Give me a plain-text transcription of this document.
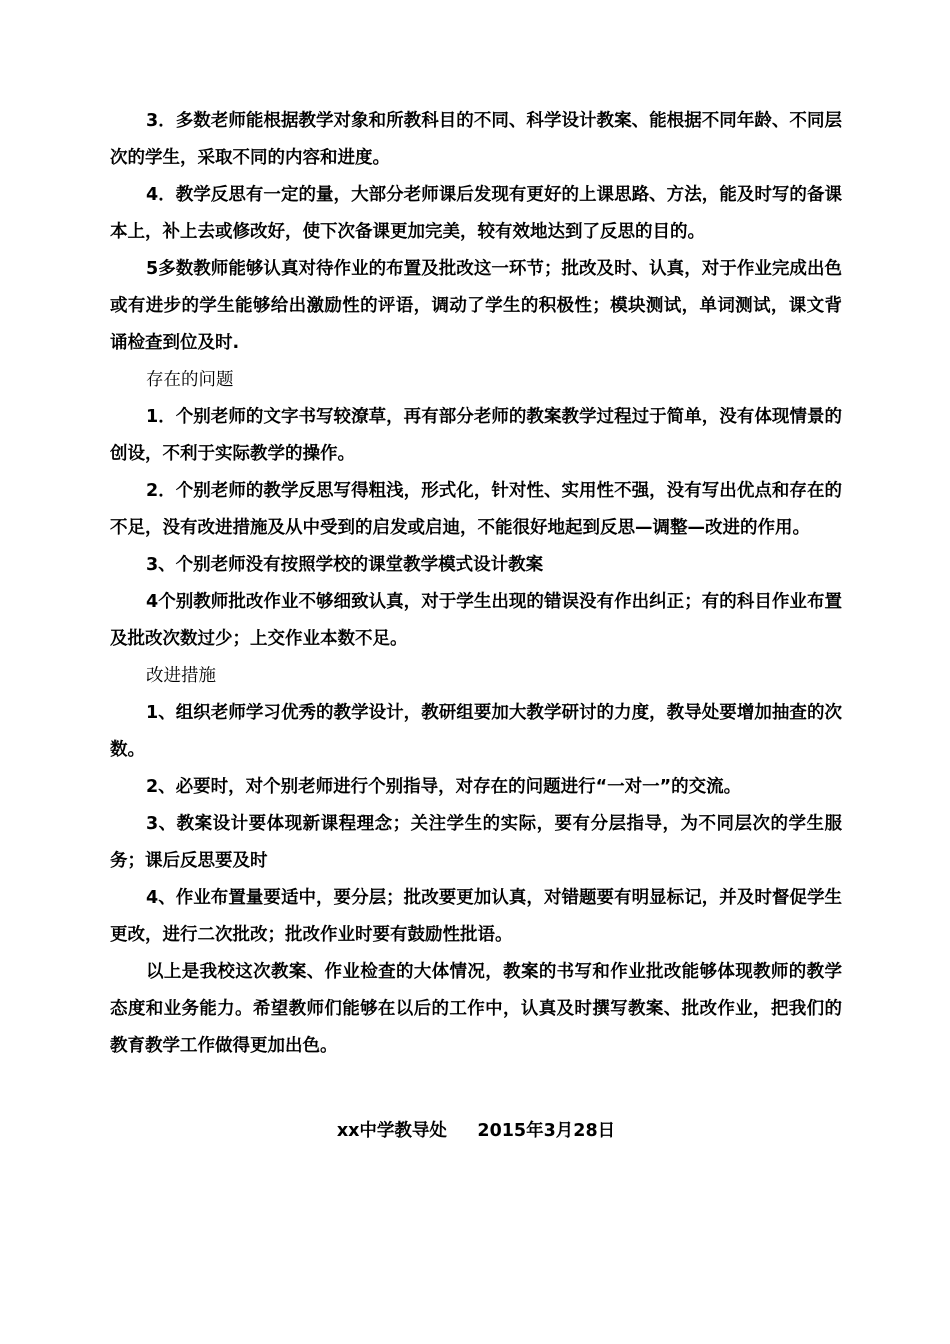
3．多数老师能根据教学对象和所教科目的不同、科学设计教案、能根据不同年龄、不同层次的学生，采取不同的内容和进度。

4．教学反思有一定的量，大部分老师课后发现有更好的上课思路、方法，能及时写的备课本上，补上去或修改好，使下次备课更加完美，较有效地达到了反思的目的。

5多数教师能够认真对待作业的布置及批改这一环节；批改及时、认真，对于作业完成出色或有进步的学生能够给出激励性的评语，调动了学生的积极性；模块测试，单词测试，课文背诵检查到位及时.

存在的问题

1．个别老师的文字书写较潦草，再有部分老师的教案教学过程过于简单，没有体现情景的创设，不利于实际教学的操作。

2．个别老师的教学反思写得粗浅，形式化，针对性、实用性不强，没有写出优点和存在的不足，没有改进措施及从中受到的启发或启迪，不能很好地起到反思—调整—改进的作用。

3、个别老师没有按照学校的课堂教学模式设计教案

4个别教师批改作业不够细致认真，对于学生出现的错误没有作出纠正；有的科目作业布置及批改次数过少；上交作业本数不足。

改进措施

1、组织老师学习优秀的教学设计，教研组要加大教学研讨的力度，教导处要增加抽查的次数。

2、必要时，对个别老师进行个别指导，对存在的问题进行“一对一”的交流。

3、教案设计要体现新课程理念；关注学生的实际，要有分层指导，为不同层次的学生服务；课后反思要及时

4、作业布置量要适中，要分层；批改要更加认真，对错题要有明显标记，并及时督促学生更改，进行二次批改；批改作业时要有鼓励性批语。

以上是我校这次教案、作业检查的大体情况，教案的书写和作业批改能够体现教师的教学态度和业务能力。希望教师们能够在以后的工作中，认真及时撰写教案、批改作业，把我们的教育教学工作做得更加出色。

xx中学教导处     2015年3月28日
